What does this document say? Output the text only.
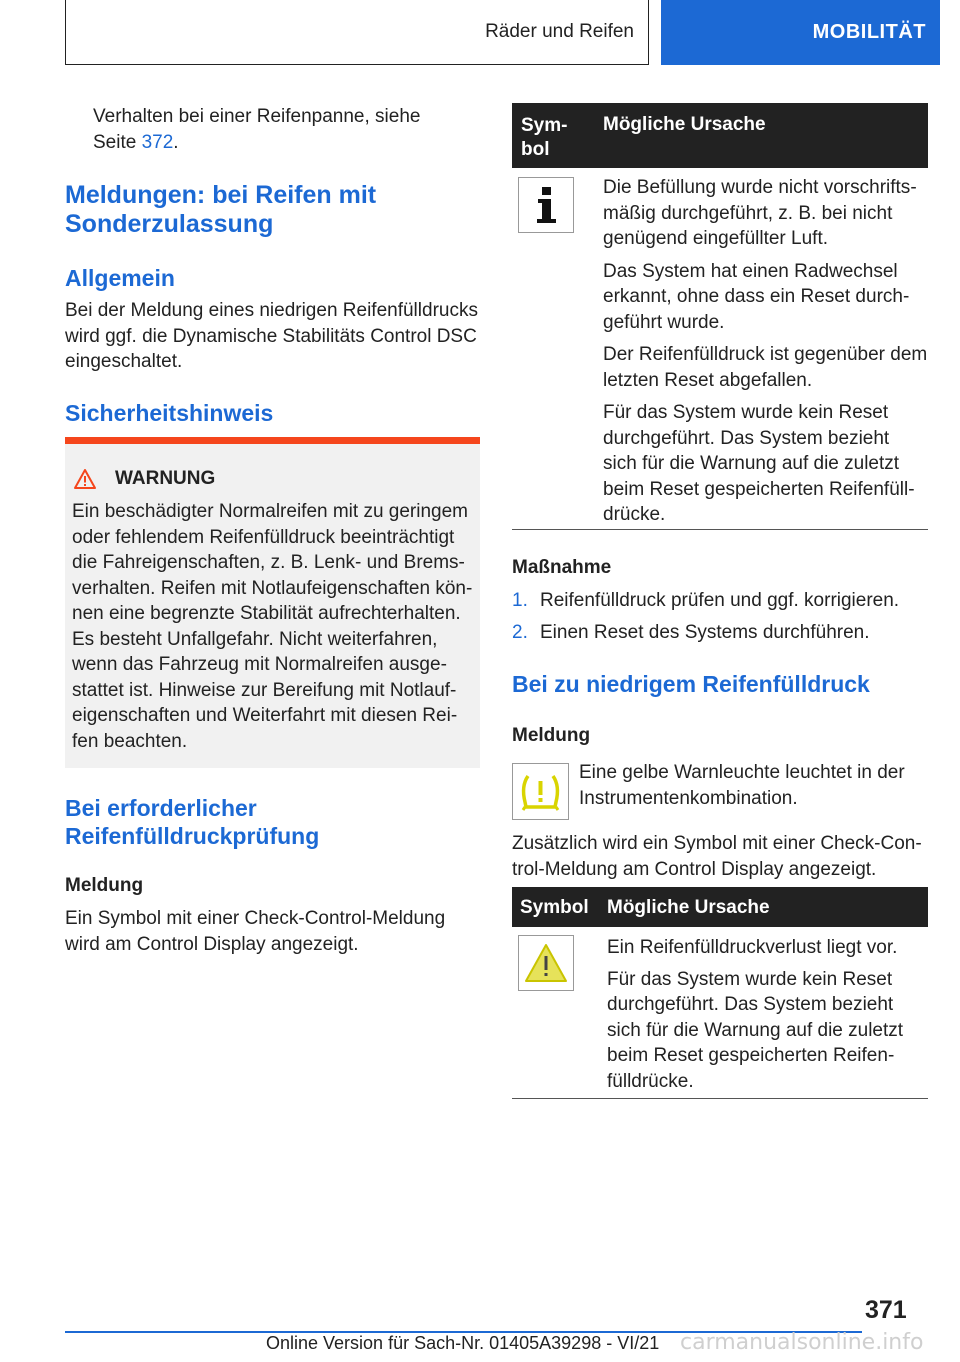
Räder und Reifen	MOBILITÄT
Verhalten bei einer Reifenpanne, siehe
Seite 372.
Meldungen: bei Reifen mit
Sonderzulassung
Allgemein
Bei der Meldung eines niedrigen Reifenfülldrucks wird ggf. die Dynamische Stabilitäts Control DSC eingeschaltet.
Sicherheitshinweis
WARNUNG
Ein beschädigter Normalreifen mit zu geringem oder fehlendem Reifenfülldruck beeinträchtigt die Fahreigenschaften, z. B. Lenk- und Bremsverhalten. Reifen mit Notlaufeigenschaften können eine begrenzte Stabilität aufrechterhalten. Es besteht Unfallgefahr. Nicht weiterfahren, wenn das Fahrzeug mit Normalreifen ausgestattet ist. Hinweise zur Bereifung mit Notlaufeigenschaften und Weiterfahrt mit diesen Reifen beachten.
Bei erforderlicher
Reifenfülldruckprüfung
Meldung
Ein Symbol mit einer Check-Control-Meldung wird am Control Display angezeigt.
Sym-
bol
Mögliche Ursache
Die Befüllung wurde nicht vorschriftsmäßig durchgeführt, z. B. bei nicht genügend eingefüllter Luft.
Das System hat einen Radwechsel erkannt, ohne dass ein Reset durchgeführt wurde.
Der Reifenfülldruck ist gegenüber dem letzten Reset abgefallen.
Für das System wurde kein Reset durchgeführt. Das System bezieht sich für die Warnung auf die zuletzt beim Reset gespeicherten Reifenfülldrücke.
Maßnahme
1. Reifenfülldruck prüfen und ggf. korrigieren.
2. Einen Reset des Systems durchführen.
Bei zu niedrigem Reifenfülldruck
Meldung
Eine gelbe Warnleuchte leuchtet in der Instrumentenkombination.
Zusätzlich wird ein Symbol mit einer Check-Control-Meldung am Control Display angezeigt.
Symbol Mögliche Ursache
Ein Reifenfülldruckverlust liegt vor.
Für das System wurde kein Reset durchgeführt. Das System bezieht sich für die Warnung auf die zuletzt beim Reset gespeicherten Reifenfülldrücke.
371
Online Version für Sach-Nr. 01405A39298 - VI/21 carmanualsonline.info
